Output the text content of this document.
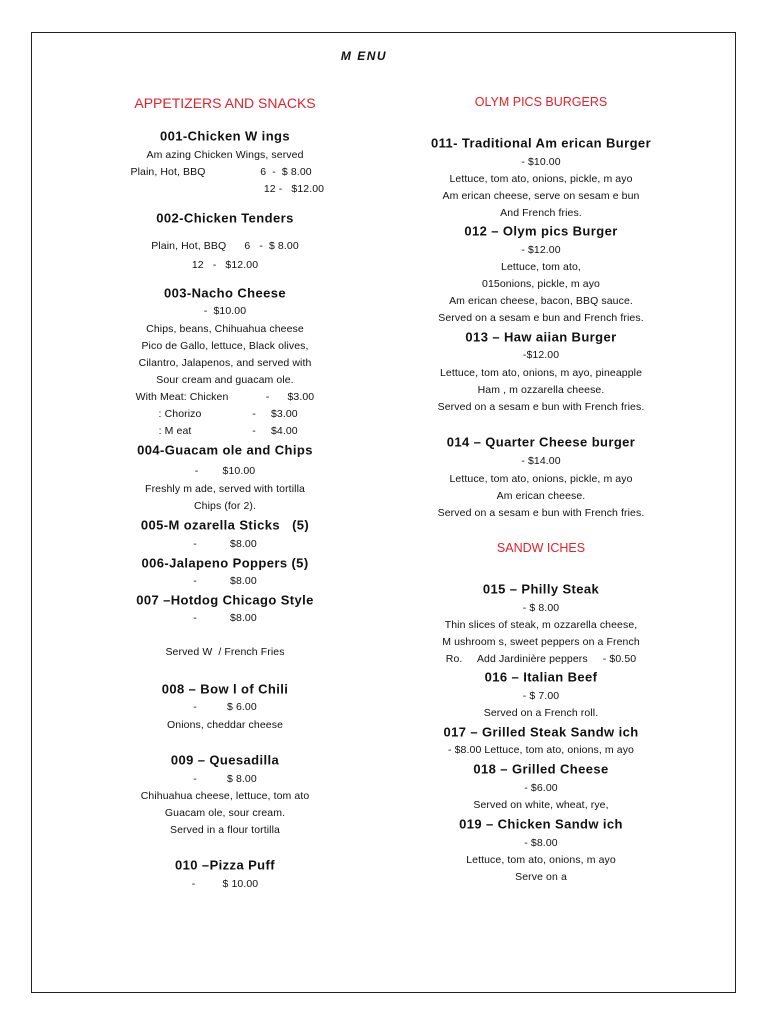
M ENU
APPETIZERS AND SNACKS	OLYM PICS BURGERS
SANDW ICHES
001-Chicken W ings
Am azing Chicken Wings, served
Plain, Hot, BBQ	6  -  $ 8.00
12 -   $12.00
002-Chicken Tenders
Plain, Hot, BBQ      6   -  $ 8.00
12   -   $12.00
003-Nacho Cheese
-  $10.00
Chips, beans, Chihuahua cheese
Pico de Gallo, lettuce, Black olives,
Cilantro, Jalapenos, and served with
Sour cream and guacam ole.
With Meat: Chicken	-      $3.00
: Chorizo	-     $3.00
: M eat	-     $4.00
004-Guacam ole and Chips
-        $10.00
Freshly m ade, served with tortilla
Chips (for 2).
005-M ozarella Sticks   (5)
-           $8.00
006-Jalapeno Poppers (5)
-           $8.00
007 –Hotdog Chicago Style
-           $8.00
Served W  / French Fries
008 – Bow l of Chili
-          $ 6.00
Onions, cheddar cheese
009 – Quesadilla
-          $ 8.00
Chihuahua cheese, lettuce, tom ato
Guacam ole, sour cream.
Served in a flour tortilla
010 –Pizza Puff
-         $ 10.00
011- Traditional Am erican Burger
- $10.00
Lettuce, tom ato, onions, pickle, m ayo
Am erican cheese, serve on sesam e bun
And French fries.
012 – Olym pics Burger
- $12.00
Lettuce, tom ato,
015onions, pickle, m ayo
Am erican cheese, bacon, BBQ sauce.
Served on a sesam e bun and French fries.
013 – Haw aiian Burger
-$12.00
Lettuce, tom ato, onions, m ayo, pineapple
Ham , m ozzarella cheese.
Served on a sesam e bun with French fries.
014 – Quarter Cheese burger
- $14.00
Lettuce, tom ato, onions, pickle, m ayo
Am erican cheese.
Served on a sesam e bun with French fries.
015 – Philly Steak
- $ 8.00
Thin slices of steak, m ozzarella cheese,
M ushroom s, sweet peppers on a French
Ro.     Add Jardinière peppers     - $0.50
016 – Italian Beef
- $ 7.00
Served on a French roll.
017 – Grilled Steak Sandw ich
- $8.00 Lettuce, tom ato, onions, m ayo
018 – Grilled Cheese
- $6.00
Served on white, wheat, rye,
019 – Chicken Sandw ich
- $8.00
Lettuce, tom ato, onions, m ayo
Serve on a
